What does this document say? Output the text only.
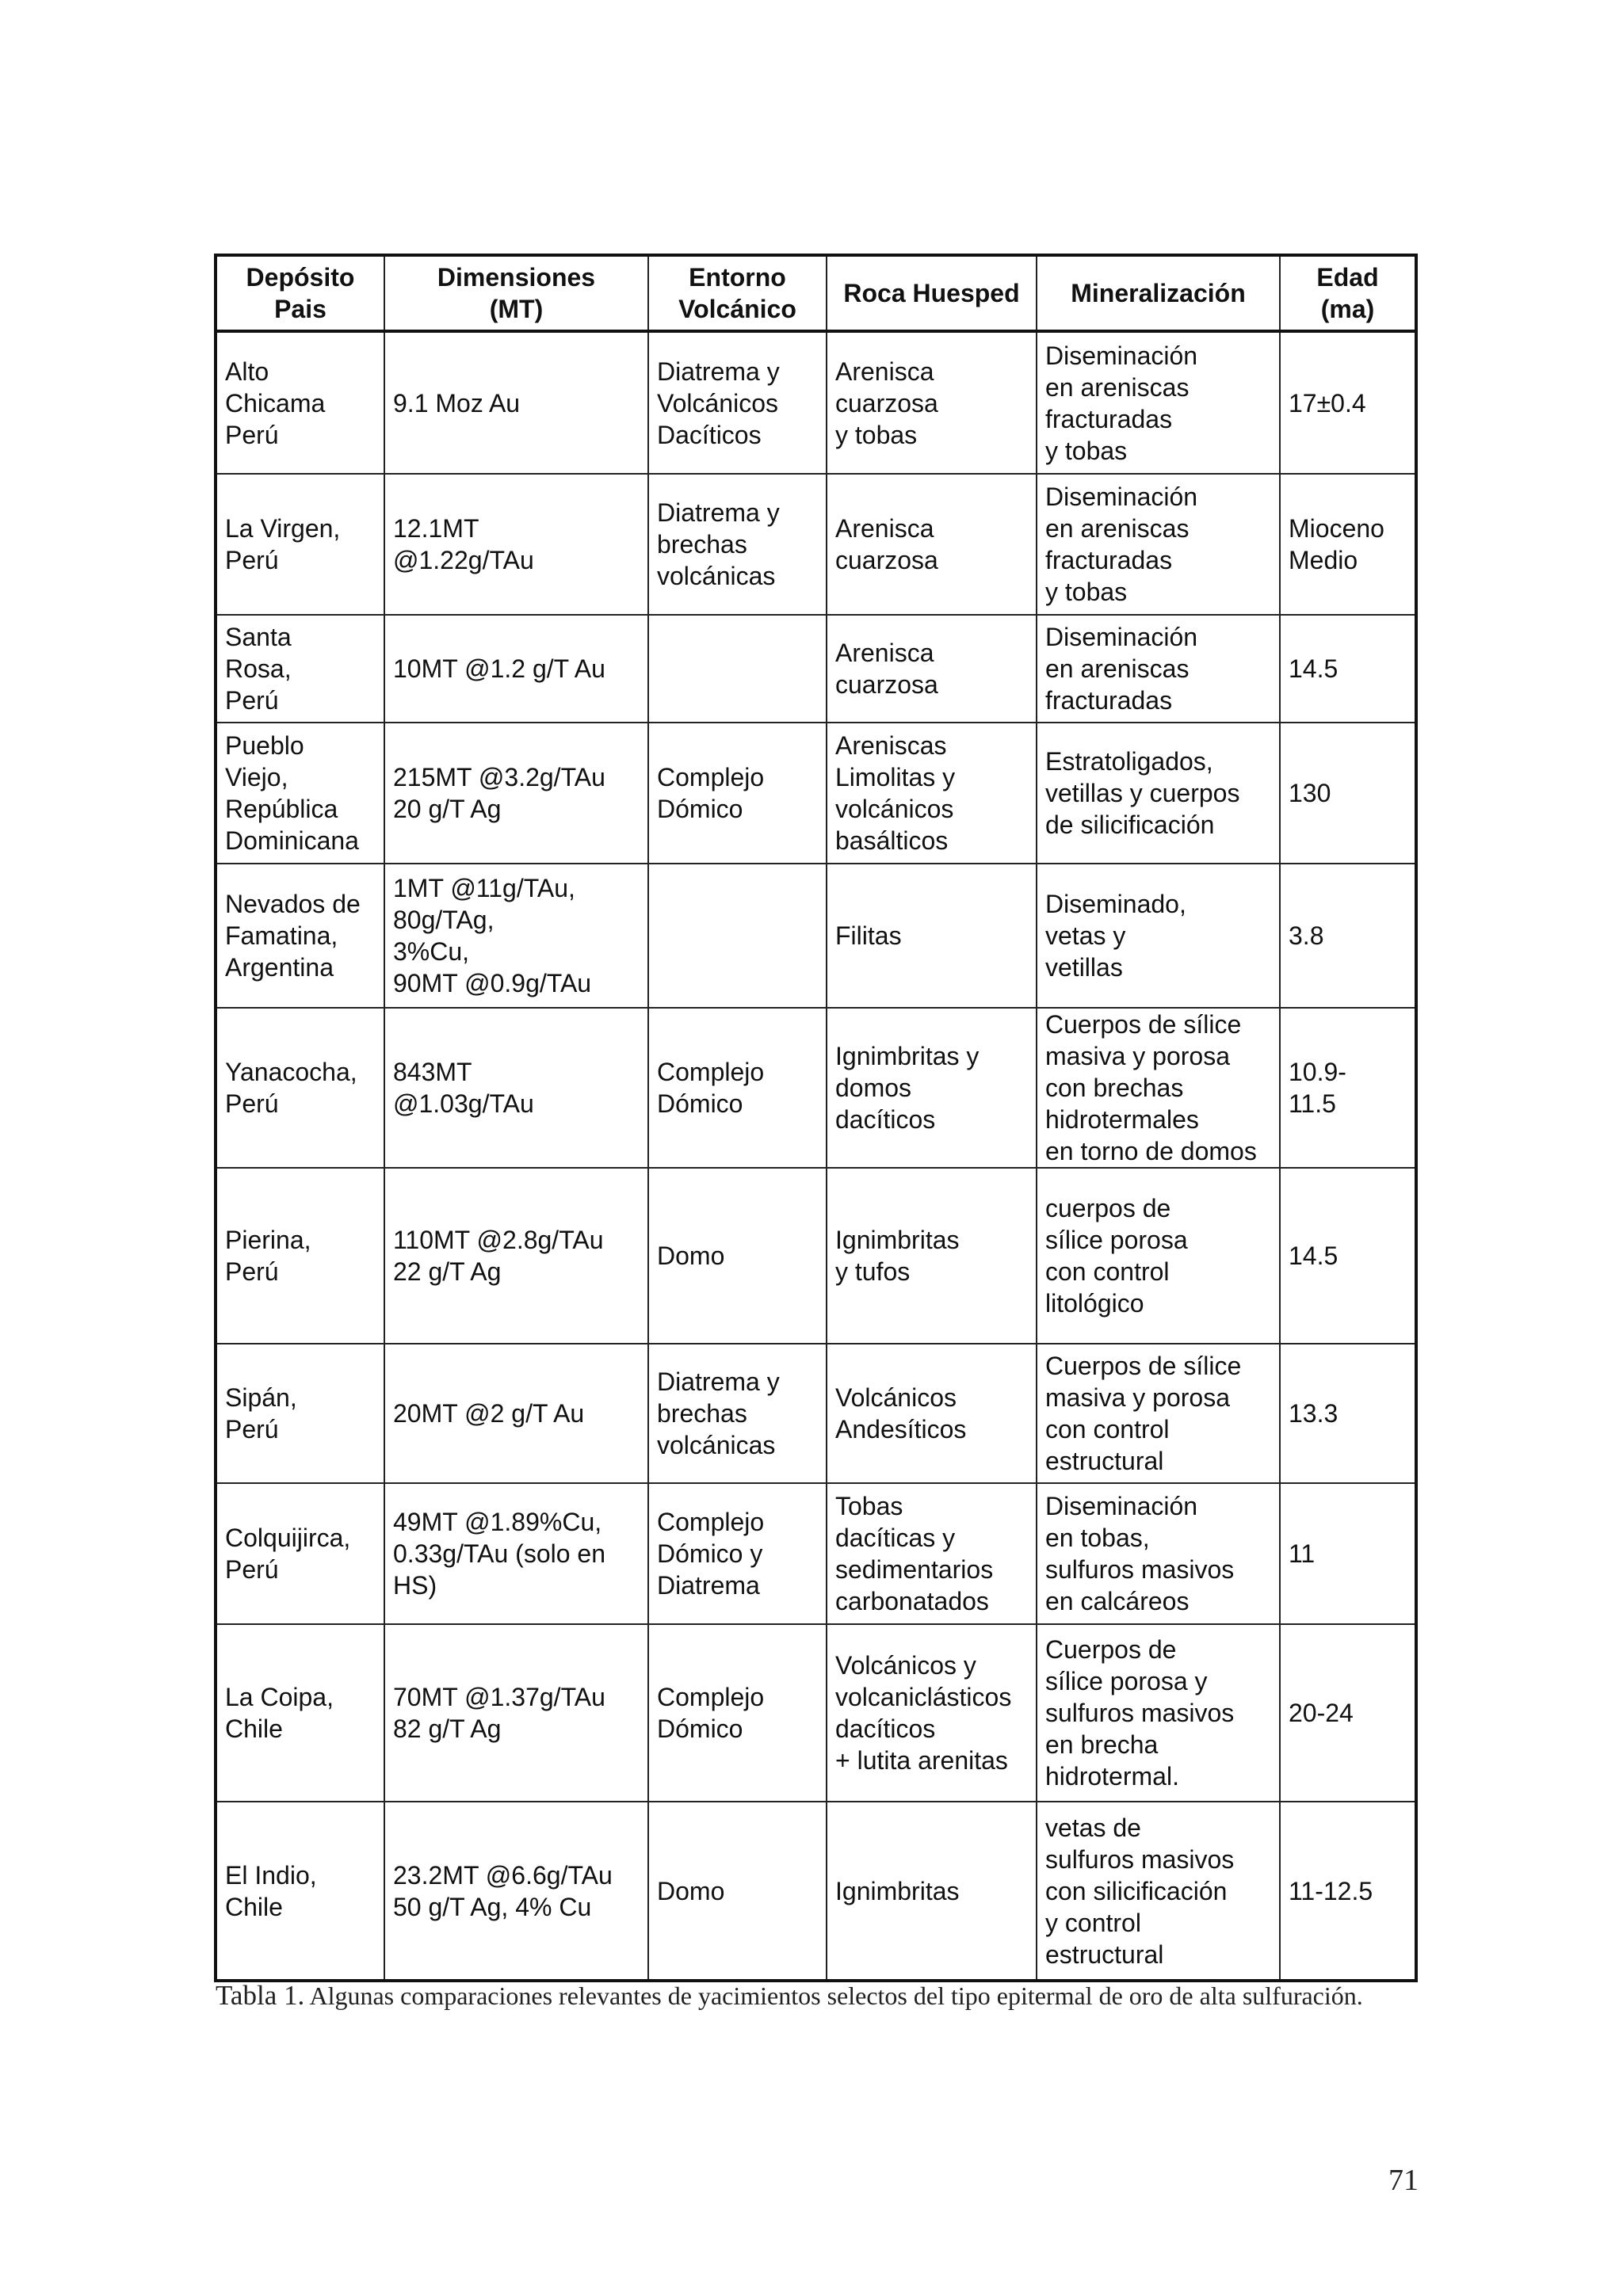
Depósito
Pais	Dimensiones
(MT)	Entorno
Volcánico	Roca Huesped	Mineralización	Edad
(ma)
Alto
Chicama
Perú	9.1 Moz Au	Diatrema y
Volcánicos
Dacíticos	Arenisca
cuarzosa
y tobas	Diseminación
en areniscas
fracturadas
y tobas	17±0.4
La Virgen,
Perú	12.1MT
@1.22g/TAu	Diatrema y
brechas
volcánicas	Arenisca
cuarzosa	Diseminación
en areniscas
fracturadas
y tobas	Mioceno
Medio
Santa
Rosa,
Perú	10MT @1.2 g/T Au		Arenisca
cuarzosa	Diseminación
en areniscas
fracturadas	14.5
Pueblo
Viejo,
República
Dominicana	215MT @3.2g/TAu
20 g/T Ag	Complejo
Dómico	Areniscas
Limolitas y
volcánicos
basálticos	Estratoligados,
vetillas y cuerpos
de silicificación	130
Nevados de
Famatina,
Argentina	1MT @11g/TAu,
80g/TAg,
3%Cu,
90MT @0.9g/TAu		Filitas	Diseminado,
vetas y
vetillas	3.8
Yanacocha,
Perú	843MT
@1.03g/TAu	Complejo
Dómico	Ignimbritas y
domos
dacíticos	Cuerpos de sílice
masiva y porosa
con brechas
hidrotermales
en torno de domos	10.9-
11.5
Pierina,
Perú	110MT @2.8g/TAu
22 g/T Ag	Domo	Ignimbritas
y tufos	cuerpos de
sílice porosa
con control
litológico	14.5
Sipán,
Perú	20MT @2 g/T Au	Diatrema y
brechas
volcánicas	Volcánicos
Andesíticos	Cuerpos de sílice
masiva y porosa
con control
estructural	13.3
Colquijirca,
Perú	49MT @1.89%Cu,
0.33g/TAu (solo en
HS)	Complejo
Dómico y
Diatrema	Tobas
dacíticas y
sedimentarios
carbonatados	Diseminación
en tobas,
sulfuros masivos
en calcáreos	11
La Coipa,
Chile	70MT @1.37g/TAu
82 g/T Ag	Complejo
Dómico	Volcánicos y
volcaniclásticos
dacíticos
+ lutita arenitas	Cuerpos de
sílice porosa y
sulfuros masivos
en brecha
hidrotermal.	20-24
El Indio,
Chile	23.2MT @6.6g/TAu
50 g/T Ag, 4% Cu	Domo	Ignimbritas	vetas de
sulfuros masivos
con silicificación
y control
estructural	11-12.5
Tabla 1. Algunas comparaciones relevantes de yacimientos selectos del tipo epitermal de oro de alta sulfuración.
71
